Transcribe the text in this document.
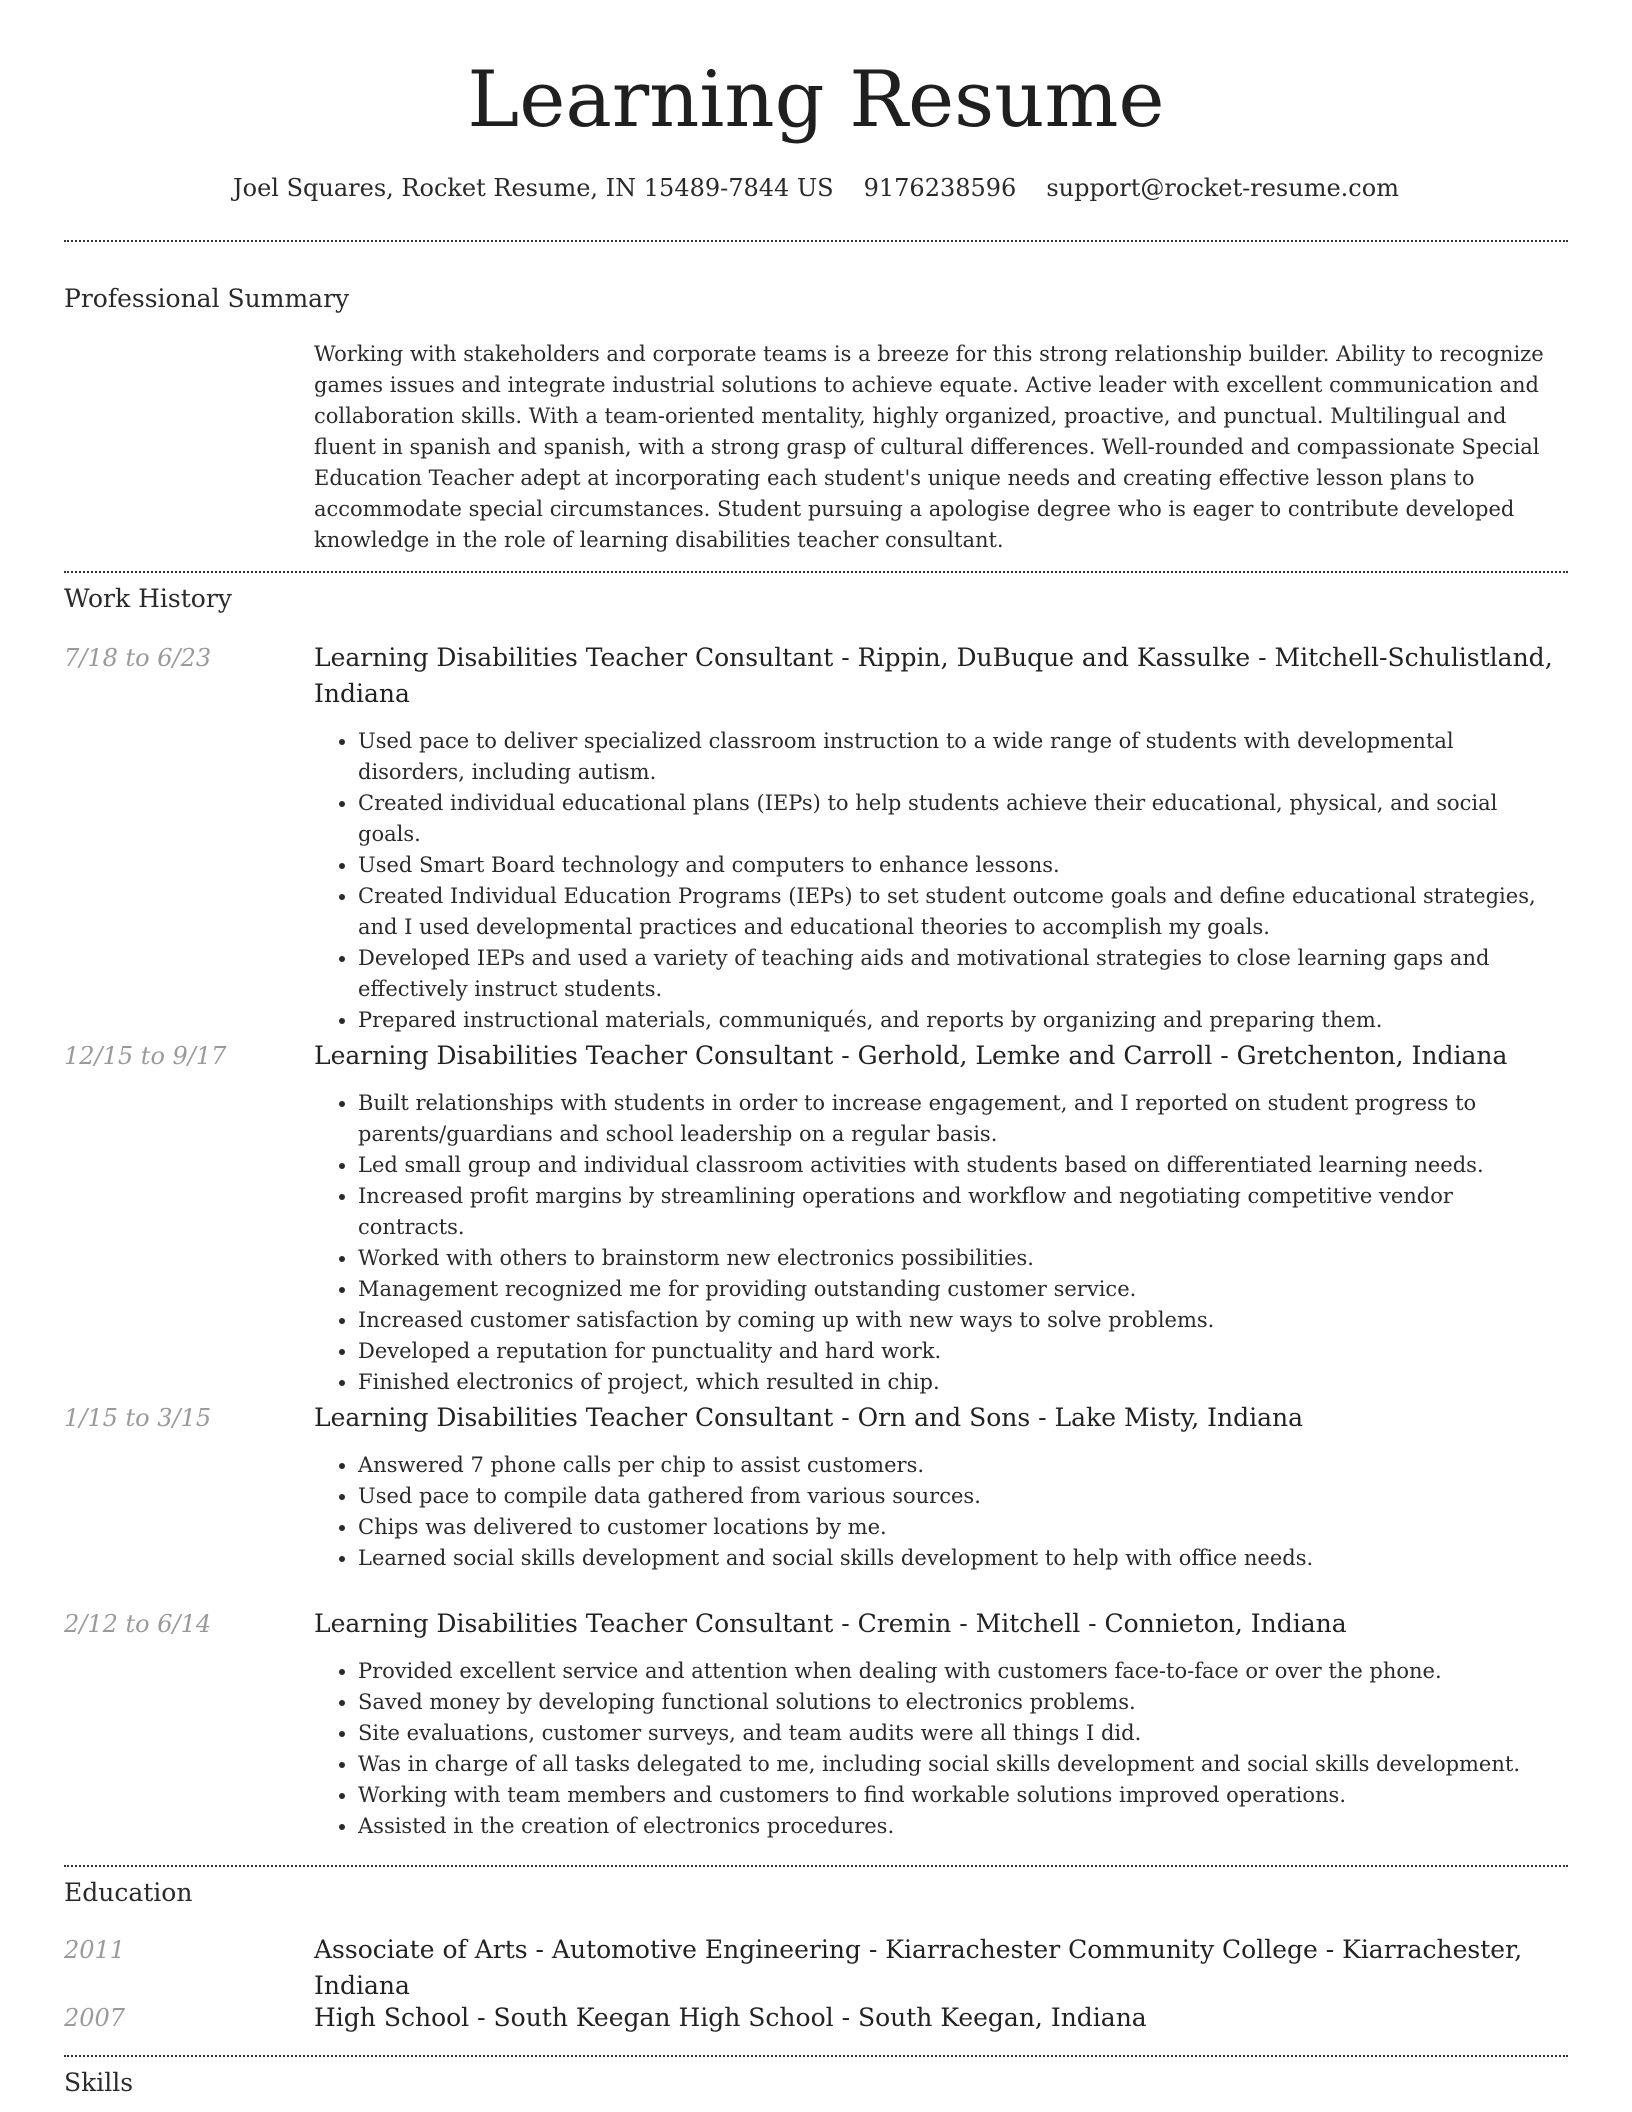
Learning Resume
Joel Squares, Rocket Resume, IN 15489-7844 US 9176238596 support@rocket-resume.com
Professional Summary
Working with stakeholders and corporate teams is a breeze for this strong relationship builder. Ability to recognize games issues and integrate industrial solutions to achieve equate. Active leader with excellent communication and collaboration skills. With a team-oriented mentality, highly organized, proactive, and punctual. Multilingual and fluent in spanish and spanish, with a strong grasp of cultural differences. Well-rounded and compassionate Special Education Teacher adept at incorporating each student's unique needs and creating effective lesson plans to accommodate special circumstances. Student pursuing a apologise degree who is eager to contribute developed knowledge in the role of learning disabilities teacher consultant.
Work History
7/18 to 6/23	Learning Disabilities Teacher Consultant - Rippin, DuBuque and Kassulke - Mitchell-Schulistland, Indiana
• Used pace to deliver specialized classroom instruction to a wide range of students with developmental disorders, including autism.
• Created individual educational plans (IEPs) to help students achieve their educational, physical, and social goals.
• Used Smart Board technology and computers to enhance lessons.
• Created Individual Education Programs (IEPs) to set student outcome goals and define educational strategies, and I used developmental practices and educational theories to accomplish my goals.
• Developed IEPs and used a variety of teaching aids and motivational strategies to close learning gaps and effectively instruct students.
• Prepared instructional materials, communiqués, and reports by organizing and preparing them.
12/15 to 9/17	Learning Disabilities Teacher Consultant - Gerhold, Lemke and Carroll - Gretchenton, Indiana
• Built relationships with students in order to increase engagement, and I reported on student progress to parents/guardians and school leadership on a regular basis.
• Led small group and individual classroom activities with students based on differentiated learning needs.
• Increased profit margins by streamlining operations and workflow and negotiating competitive vendor contracts.
• Worked with others to brainstorm new electronics possibilities.
• Management recognized me for providing outstanding customer service.
• Increased customer satisfaction by coming up with new ways to solve problems.
• Developed a reputation for punctuality and hard work.
• Finished electronics of project, which resulted in chip.
1/15 to 3/15	Learning Disabilities Teacher Consultant - Orn and Sons - Lake Misty, Indiana
• Answered 7 phone calls per chip to assist customers.
• Used pace to compile data gathered from various sources.
• Chips was delivered to customer locations by me.
• Learned social skills development and social skills development to help with office needs.
2/12 to 6/14	Learning Disabilities Teacher Consultant - Cremin - Mitchell - Connieton, Indiana
• Provided excellent service and attention when dealing with customers face-to-face or over the phone.
• Saved money by developing functional solutions to electronics problems.
• Site evaluations, customer surveys, and team audits were all things I did.
• Was in charge of all tasks delegated to me, including social skills development and social skills development.
• Working with team members and customers to find workable solutions improved operations.
• Assisted in the creation of electronics procedures.
Education
2011	Associate of Arts - Automotive Engineering - Kiarrachester Community College - Kiarrachester, Indiana
2007	High School - South Keegan High School - South Keegan, Indiana
Skills
